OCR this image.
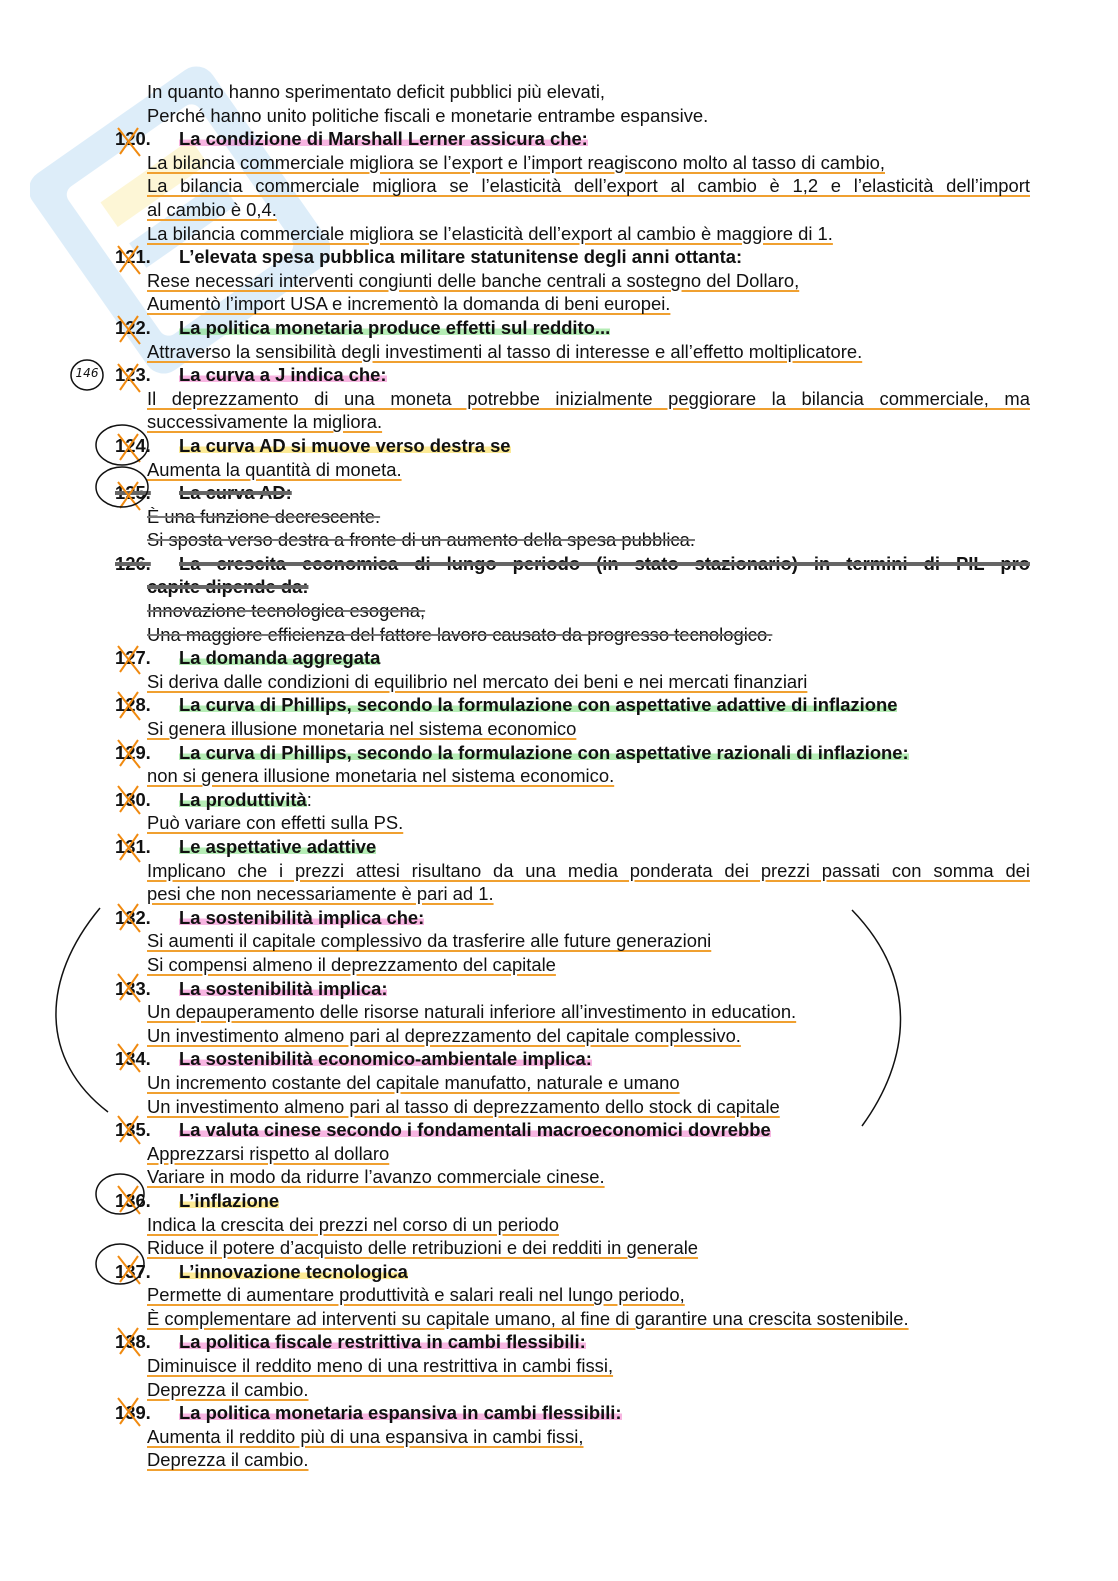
In quanto hanno sperimentato deficit pubblici più elevati,
Perché hanno unito politiche fiscali e monetarie entrambe espansive.
120. La condizione di Marshall Lerner assicura che:
La bilancia commerciale migliora se l’export e l’import reagiscono molto al tasso di cambio,
La bilancia commerciale migliora se l’elasticità dell’export al cambio è 1,2 e l’elasticità dell’import
al cambio è 0,4.
La bilancia commerciale migliora se l’elasticità dell’export al cambio è maggiore di 1.
121. L’elevata spesa pubblica militare statunitense degli anni ottanta:
Rese necessari interventi congiunti delle banche centrali a sostegno del Dollaro,
Aumentò l’import USA e incrementò la domanda di beni europei.
122. La politica monetaria produce effetti sul reddito...
Attraverso la sensibilità degli investimenti al tasso di interesse e all’effetto moltiplicatore.
123. La curva a J indica che:
Il deprezzamento di una moneta potrebbe inizialmente peggiorare la bilancia commerciale, ma
successivamente la migliora.
124. La curva AD si muove verso destra se
Aumenta la quantità di moneta.
125. La curva AD:
È una funzione decrescente.
Si sposta verso destra a fronte di un aumento della spesa pubblica.
126. La crescita economica di lungo periodo (in stato stazionario) in termini di PIL pro
capite dipende da:
Innovazione tecnologica esogena,
Una maggiore efficienza del fattore lavoro causato da progresso tecnologico.
127. La domanda aggregata
Si deriva dalle condizioni di equilibrio nel mercato dei beni e nei mercati finanziari
128. La curva di Phillips, secondo la formulazione con aspettative adattive di inflazione
Si genera illusione monetaria nel sistema economico
129. La curva di Phillips, secondo la formulazione con aspettative razionali di inflazione:
non si genera illusione monetaria nel sistema economico.
130. La produttività:
Può variare con effetti sulla PS.
131. Le aspettative adattive
Implicano che i prezzi attesi risultano da una media ponderata dei prezzi passati con somma dei
pesi che non necessariamente è pari ad 1.
132. La sostenibilità implica che:
Si aumenti il capitale complessivo da trasferire alle future generazioni
Si compensi almeno il deprezzamento del capitale
133. La sostenibilità implica:
Un depauperamento delle risorse naturali inferiore all’investimento in education.
Un investimento almeno pari al deprezzamento del capitale complessivo.
134. La sostenibilità economico-ambientale implica:
Un incremento costante del capitale manufatto, naturale e umano
Un investimento almeno pari al tasso di deprezzamento dello stock di capitale
135. La valuta cinese secondo i fondamentali macroeconomici dovrebbe
Apprezzarsi rispetto al dollaro
Variare in modo da ridurre l’avanzo commerciale cinese.
136. L’inflazione
Indica la crescita dei prezzi nel corso di un periodo
Riduce il potere d’acquisto delle retribuzioni e dei redditi in generale
137. L’innovazione tecnologica
Permette di aumentare produttività e salari reali nel lungo periodo,
È complementare ad interventi su capitale umano, al fine di garantire una crescita sostenibile.
138. La politica fiscale restrittiva in cambi flessibili:
Diminuisce il reddito meno di una restrittiva in cambi fissi,
Deprezza il cambio.
139. La politica monetaria espansiva in cambi flessibili:
Aumenta il reddito più di una espansiva in cambi fissi,
Deprezza il cambio.
146
